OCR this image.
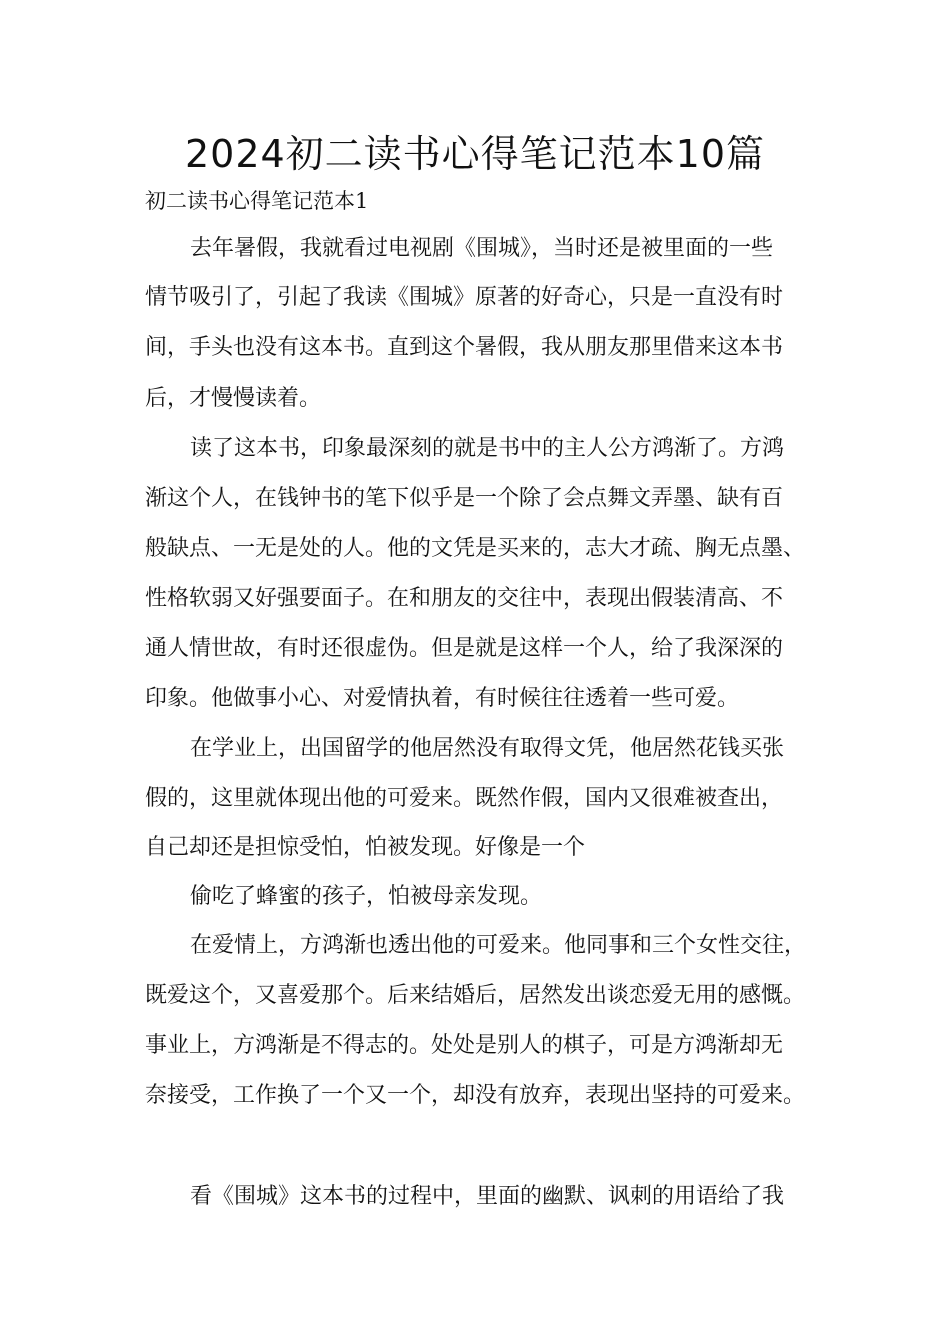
2024初二读书心得笔记范本10篇

初二读书心得笔记范本1

去年暑假，我就看过电视剧《围城》，当时还是被里面的一些

情节吸引了，引起了我读《围城》原著的好奇心，只是一直没有时

间，手头也没有这本书。直到这个暑假，我从朋友那里借来这本书

后，才慢慢读着。

读了这本书，印象最深刻的就是书中的主人公方鸿渐了。方鸿

渐这个人，在钱钟书的笔下似乎是一个除了会点舞文弄墨、缺有百

般缺点、一无是处的人。他的文凭是买来的，志大才疏、胸无点墨、

性格软弱又好强要面子。在和朋友的交往中，表现出假装清高、不

通人情世故，有时还很虚伪。但是就是这样一个人，给了我深深的

印象。他做事小心、对爱情执着，有时候往往透着一些可爱。

在学业上，出国留学的他居然没有取得文凭，他居然花钱买张

假的，这里就体现出他的可爱来。既然作假，国内又很难被查出，

自己却还是担惊受怕，怕被发现。好像是一个

偷吃了蜂蜜的孩子，怕被母亲发现。

在爱情上，方鸿渐也透出他的可爱来。他同事和三个女性交往，

既爱这个，又喜爱那个。后来结婚后，居然发出谈恋爱无用的感慨。

事业上，方鸿渐是不得志的。处处是别人的棋子，可是方鸿渐却无

奈接受，工作换了一个又一个，却没有放弃，表现出坚持的可爱来。

看《围城》这本书的过程中，里面的幽默、讽刺的用语给了我
